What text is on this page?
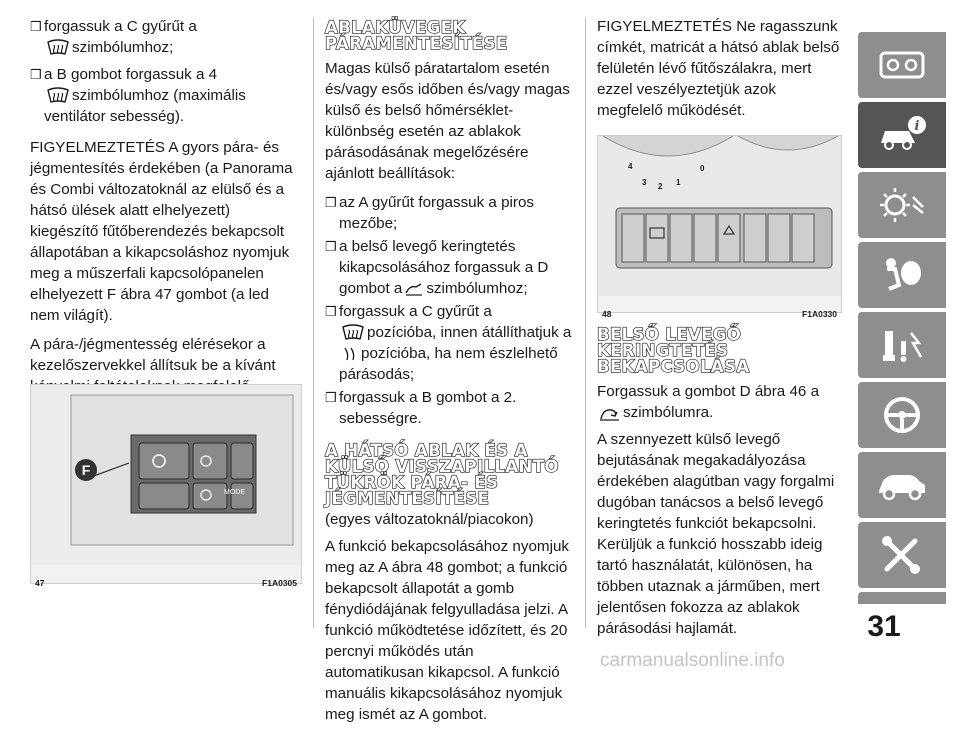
❒ forgassuk a C gyűrűt a
szimbólumhoz;
❒ a B gombot forgassuk a 4
szimbólumhoz (maximális
ventilátor sebesség).

FIGYELMEZTETÉS A gyors pára- és jégmentesítés érdekében (a Panorama és Combi változatoknál az elülső és a hátsó ülések alatt elhelyezett) kiegészítő fűtőberendezés bekapcsolt állapotában a kikapcsoláshoz nyomjuk meg a műszerfali kapcsolópanelen elhelyezett F ábra 47 gombot (a led nem világít).

A pára-/jégmentesség elérésekor a kezelőszervekkel állítsuk be a kívánt

F
MODE
47	F1A0305
ABLAKÜVEGEK PÁRAMENTESÍTÉSE

Magas külső páratartalom esetén és/vagy esős időben és/vagy magas külső és belső hőmérséklet-különbség esetén az ablakok párásodásának megelőzésére ajánlott beállítások:

❒ az A gyűrűt forgassuk a piros mezőbe;
❒ a belső levegő keringtetés kikapcsolásához forgassuk a D
gombot a szimbólumhoz;
❒ forgassuk a C gyűrűt a
pozícióba, innen átállíthatjuk a
pozícióba, ha nem észlelhető
párásodás;
❒ forgassuk a B gombot a 2. sebességre.
A HÁTSÓ ABLAK ÉS A KÜLSŐ VISSZAPILLANTÓ TÜKRÖK PÁRA- ÉS JÉGMENTESÍTÉSE
(egyes változatoknál/piacokon)

A funkció bekapcsolásához nyomjuk meg az A ábra 48 gombot; a funkció bekapcsolt állapotát a gomb fénydiódájának felgyulladása jelzi. A funkció működtetése időzített, és 20 percnyi működés után automatikusan kikapcsol. A funkció manuális kikapcsolásához nyomjuk meg ismét az A gombot.

FIGYELMEZTETÉS Ne ragasszunk címkét, matricát a hátsó ablak belső felületén lévő fűtőszálakra, mert ezzel veszélyeztetjük azok megfelelő működését.

4
3 2 1
0
48	F1A0330
BELSŐ LEVEGŐ KERINGTETÉS BEKAPCSOLÁSA

Forgassuk a gombot D ábra 46 a
szimbólumra.

A szennyezett külső levegő bejutásának megakadályozása érdekében alagútban vagy forgalmi dugóban tanácsos a belső levegő keringtetés funkciót bekapcsolni. Kerüljük a funkció hosszabb ideig tartó használatát, különösen, ha többen utaznak a járműben, mert jelentősen fokozza az ablakok párásodási hajlamát.

i
31
carmanualsonline.info
